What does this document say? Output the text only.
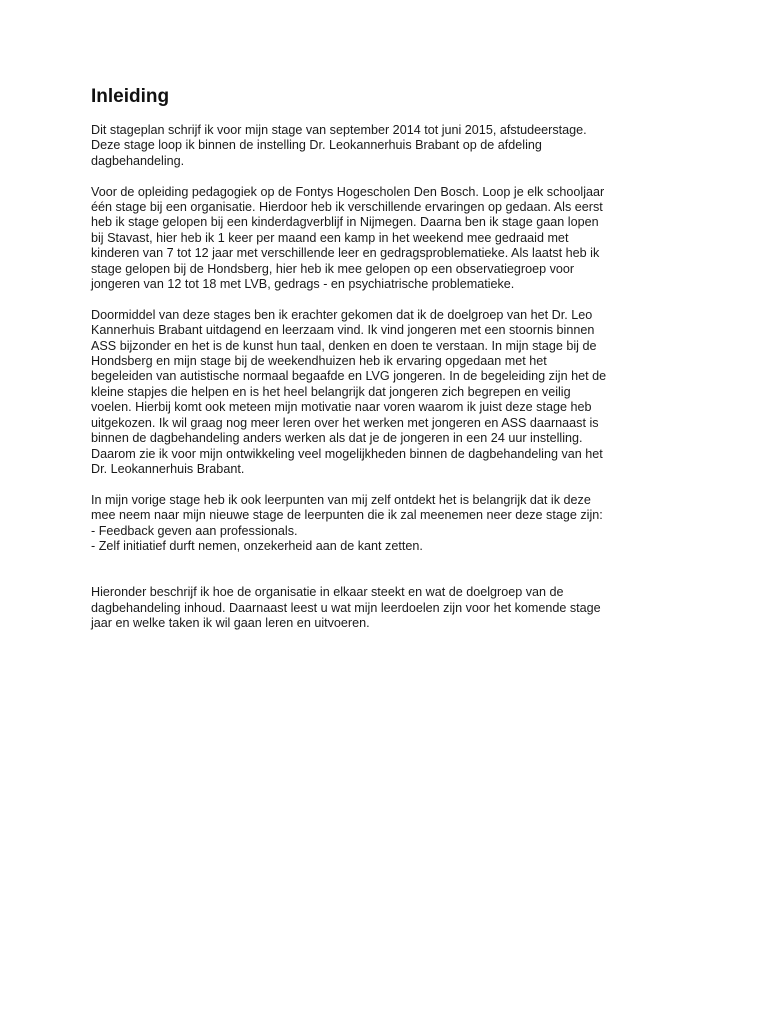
Inleiding
Dit stageplan schrijf ik voor mijn stage van september 2014 tot juni 2015, afstudeerstage.
Deze stage loop ik binnen de instelling Dr. Leokannerhuis Brabant op de afdeling
dagbehandeling.
Voor de opleiding pedagogiek op de Fontys Hogescholen Den Bosch. Loop je elk schooljaar
één stage bij een organisatie. Hierdoor heb ik verschillende ervaringen op gedaan. Als eerst
heb ik stage gelopen bij een kinderdagverblijf in Nijmegen. Daarna ben ik stage gaan lopen
bij Stavast, hier heb ik 1 keer per maand een kamp in het weekend mee gedraaid met
kinderen van 7 tot 12 jaar met verschillende leer en gedragsproblematieke. Als laatst heb ik
stage gelopen bij de Hondsberg, hier heb ik mee gelopen op een observatiegroep voor
jongeren van 12 tot 18 met LVB, gedrags - en psychiatrische problematieke.
Doormiddel van deze stages ben ik erachter gekomen dat ik de doelgroep van het Dr. Leo
Kannerhuis Brabant uitdagend en leerzaam vind. Ik vind jongeren met een stoornis binnen
ASS bijzonder en het is de kunst hun taal, denken en doen te verstaan. In mijn stage bij de
Hondsberg en mijn stage bij de weekendhuizen heb ik ervaring opgedaan met het
begeleiden van autistische normaal begaafde en LVG jongeren. In de begeleiding zijn het de
kleine stapjes die helpen en is het heel belangrijk dat jongeren zich begrepen en veilig
voelen. Hierbij komt ook meteen mijn motivatie naar voren waarom ik juist deze stage heb
uitgekozen. Ik wil graag nog meer leren over het werken met jongeren en ASS daarnaast is
binnen de dagbehandeling anders werken als dat je de jongeren in een 24 uur instelling.
Daarom zie ik voor mijn ontwikkeling veel mogelijkheden binnen de dagbehandeling van het
Dr. Leokannerhuis Brabant.
In mijn vorige stage heb ik ook leerpunten van mij zelf ontdekt het is belangrijk dat ik deze
mee neem naar mijn nieuwe stage de leerpunten die ik zal meenemen neer deze stage zijn:
- Feedback geven aan professionals.
- Zelf initiatief durft nemen, onzekerheid aan de kant zetten.
Hieronder beschrijf ik hoe de organisatie in elkaar steekt en wat de doelgroep van de
dagbehandeling inhoud. Daarnaast leest u wat mijn leerdoelen zijn voor het komende stage
jaar en welke taken ik wil gaan leren en uitvoeren.
